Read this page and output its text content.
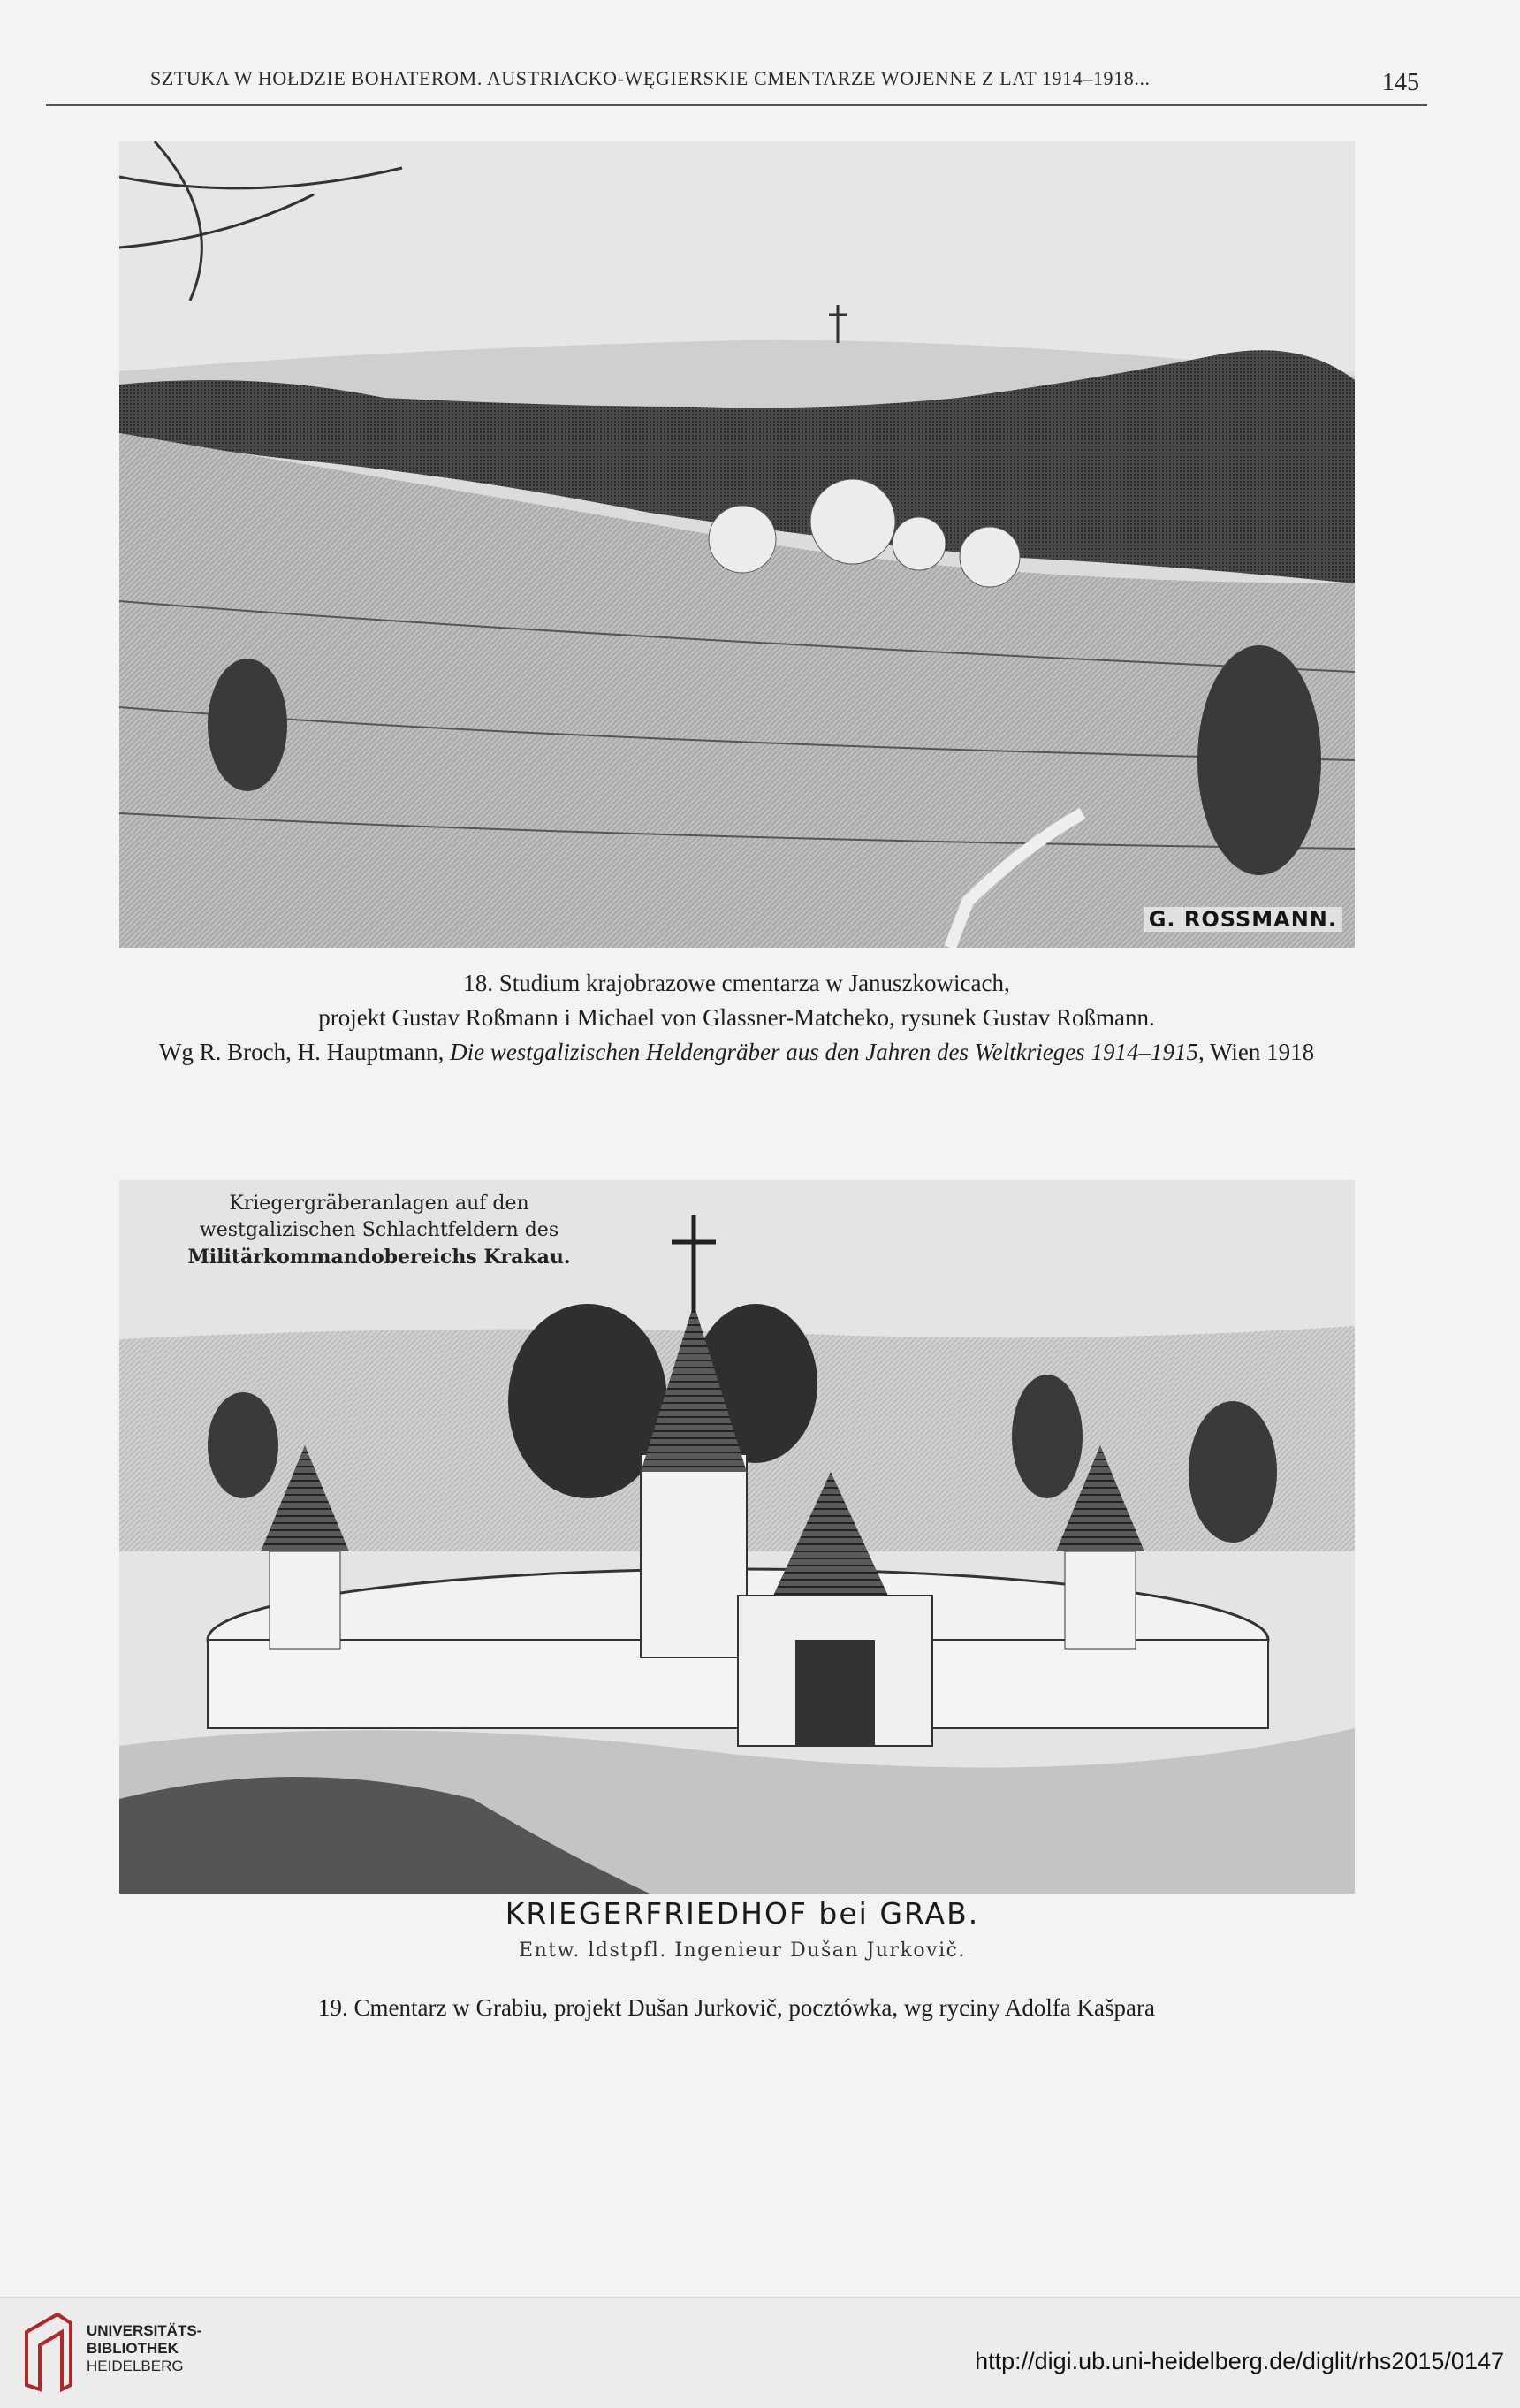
SZTUKA W HOŁDZIE BOHATEROM. AUSTRIACKO-WĘGIERSKIE CMENTARZE WOJENNE Z LAT 1914–1918...	145
G. ROSSMANN.
18. Studium krajobrazowe cmentarza w Januszkowicach,
projekt Gustav Roßmann i Michael von Glassner-Matcheko, rysunek Gustav Roßmann.
Wg R. Broch, H. Hauptmann, Die westgalizischen Heldengräber aus den Jahren des Weltkrieges 1914–1915, Wien 1918
Kriegergräberanlagen auf den
westgalizischen Schlachtfeldern des
Militärkommandobereichs Krakau.
KRIEGERFRIEDHOF bei GRAB.
Entw. ldstpfl. Ingenieur Dušan Jurkovič.
19. Cmentarz w Grabiu, projekt Dušan Jurkovič, pocztówka, wg ryciny Adolfa Kašpara
UNIVERSITÄTS-
BIBLIOTHEK
HEIDELBERG	http://digi.ub.uni-heidelberg.de/diglit/rhs2015/0147
